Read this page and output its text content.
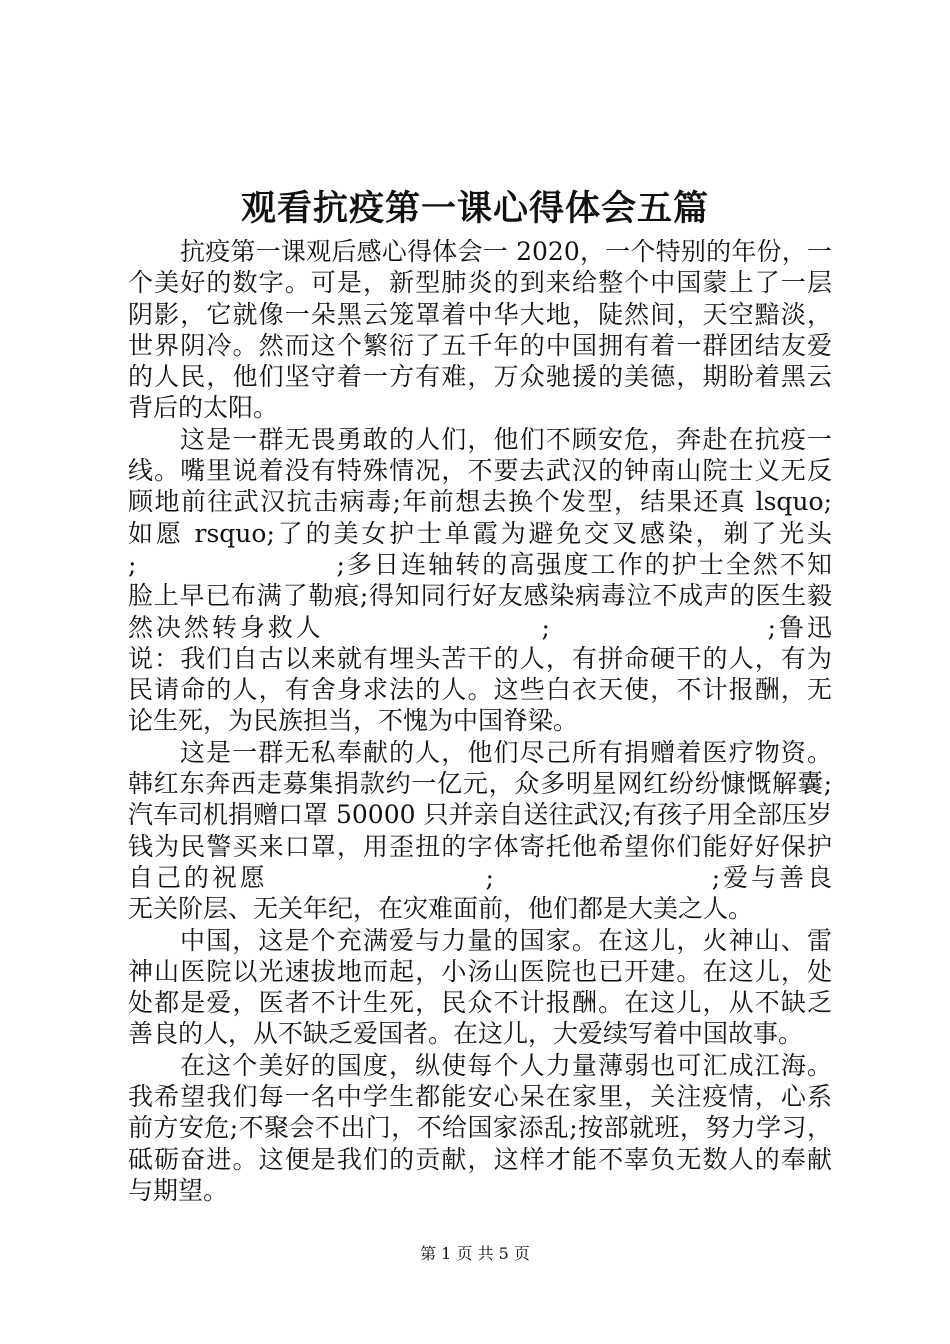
观看抗疫第一课心得体会五篇
抗疫第一课观后感心得体会一 2020，一个特别的年份，一
个美好的数字。可是，新型肺炎的到来给整个中国蒙上了一层
阴影，它就像一朵黑云笼罩着中华大地，陡然间，天空黯淡，
世界阴冷。然而这个繁衍了五千年的中国拥有着一群团结友爱
的人民，他们坚守着一方有难，万众驰援的美德，期盼着黑云
背后的太阳。
这是一群无畏勇敢的人们，他们不顾安危，奔赴在抗疫一
线。嘴里说着没有特殊情况，不要去武汉的钟南山院士义无反
顾地前往武汉抗击病毒;年前想去换个发型，结果还真 lsquo;
如愿 rsquo;了的美女护士单霞为避免交叉感染，剃了光头
;                    ;多日连轴转的高强度工作的护士全然不知
脸上早已布满了勒痕;得知同行好友感染病毒泣不成声的医生毅
然决然转身救人                    ;                    ;鲁迅
说：我们自古以来就有埋头苦干的人，有拼命硬干的人，有为
民请命的人，有舍身求法的人。这些白衣天使，不计报酬，无
论生死，为民族担当，不愧为中国脊梁。
这是一群无私奉献的人，他们尽己所有捐赠着医疗物资。
韩红东奔西走募集捐款约一亿元，众多明星网红纷纷慷慨解囊;
汽车司机捐赠口罩 50000 只并亲自送往武汉;有孩子用全部压岁
钱为民警买来口罩，用歪扭的字体寄托他希望你们能好好保护
自己的祝愿                    ;                    ;爱与善良
无关阶层、无关年纪，在灾难面前，他们都是大美之人。
中国，这是个充满爱与力量的国家。在这儿，火神山、雷
神山医院以光速拔地而起，小汤山医院也已开建。在这儿，处
处都是爱，医者不计生死，民众不计报酬。在这儿，从不缺乏
善良的人，从不缺乏爱国者。在这儿，大爱续写着中国故事。
在这个美好的国度，纵使每个人力量薄弱也可汇成江海。
我希望我们每一名中学生都能安心呆在家里，关注疫情，心系
前方安危;不聚会不出门，不给国家添乱;按部就班，努力学习，
砥砺奋进。这便是我们的贡献，这样才能不辜负无数人的奉献
与期望。
第 1 页 共 5 页
